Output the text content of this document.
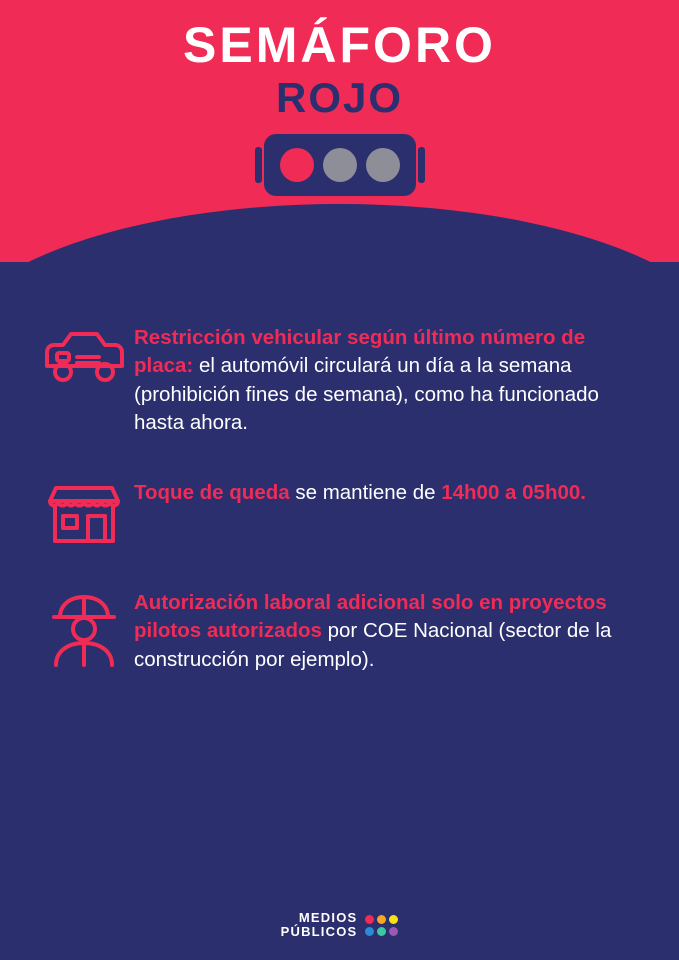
SEMÁFORO
ROJO
Restricción vehicular según último número de placa: el automóvil circulará un día a la semana (prohibición fines de semana), como ha funcionado hasta ahora.
Toque de queda se mantiene de 14h00 a 05h00.
Autorización laboral adicional solo en proyectos pilotos autorizados por COE Nacional (sector de la construcción por ejemplo).
MEDIOS
PÚBLICOS
